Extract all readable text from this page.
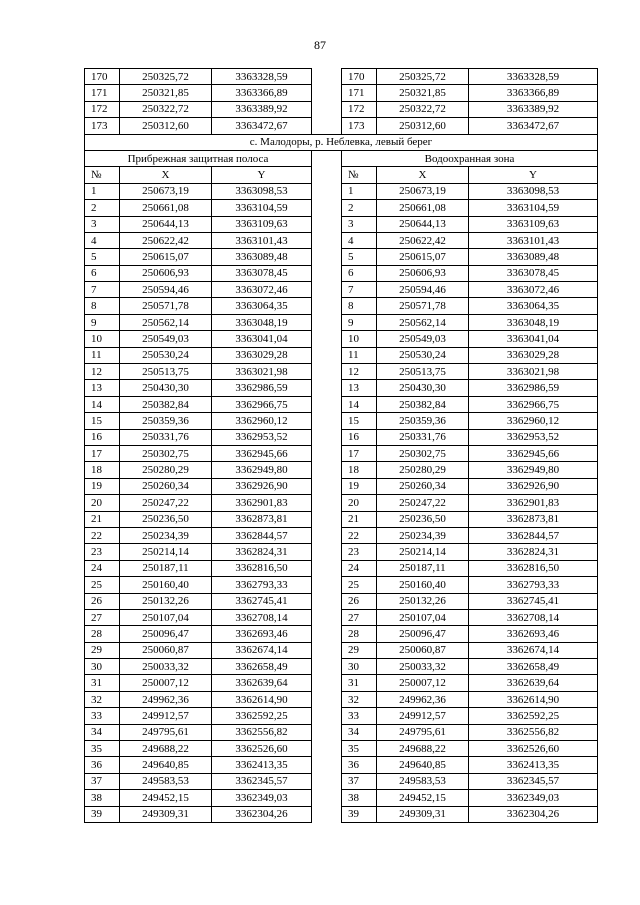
87
170	250325,72	3363328,59		170	250325,72	3363328,59
171	250321,85	3363366,89		171	250321,85	3363366,89
172	250322,72	3363389,92		172	250322,72	3363389,92
173	250312,60	3363472,67		173	250312,60	3363472,67
с. Малодоры, р. Неблевка, левый берег						
Прибрежная защитная полоса				Водоохранная зона		
№	X	Y		№	X	Y
1	250673,19	3363098,53		1	250673,19	3363098,53
2	250661,08	3363104,59		2	250661,08	3363104,59
3	250644,13	3363109,63		3	250644,13	3363109,63
4	250622,42	3363101,43		4	250622,42	3363101,43
5	250615,07	3363089,48		5	250615,07	3363089,48
6	250606,93	3363078,45		6	250606,93	3363078,45
7	250594,46	3363072,46		7	250594,46	3363072,46
8	250571,78	3363064,35		8	250571,78	3363064,35
9	250562,14	3363048,19		9	250562,14	3363048,19
10	250549,03	3363041,04		10	250549,03	3363041,04
11	250530,24	3363029,28		11	250530,24	3363029,28
12	250513,75	3363021,98		12	250513,75	3363021,98
13	250430,30	3362986,59		13	250430,30	3362986,59
14	250382,84	3362966,75		14	250382,84	3362966,75
15	250359,36	3362960,12		15	250359,36	3362960,12
16	250331,76	3362953,52		16	250331,76	3362953,52
17	250302,75	3362945,66		17	250302,75	3362945,66
18	250280,29	3362949,80		18	250280,29	3362949,80
19	250260,34	3362926,90		19	250260,34	3362926,90
20	250247,22	3362901,83		20	250247,22	3362901,83
21	250236,50	3362873,81		21	250236,50	3362873,81
22	250234,39	3362844,57		22	250234,39	3362844,57
23	250214,14	3362824,31		23	250214,14	3362824,31
24	250187,11	3362816,50		24	250187,11	3362816,50
25	250160,40	3362793,33		25	250160,40	3362793,33
26	250132,26	3362745,41		26	250132,26	3362745,41
27	250107,04	3362708,14		27	250107,04	3362708,14
28	250096,47	3362693,46		28	250096,47	3362693,46
29	250060,87	3362674,14		29	250060,87	3362674,14
30	250033,32	3362658,49		30	250033,32	3362658,49
31	250007,12	3362639,64		31	250007,12	3362639,64
32	249962,36	3362614,90		32	249962,36	3362614,90
33	249912,57	3362592,25		33	249912,57	3362592,25
34	249795,61	3362556,82		34	249795,61	3362556,82
35	249688,22	3362526,60		35	249688,22	3362526,60
36	249640,85	3362413,35		36	249640,85	3362413,35
37	249583,53	3362345,57		37	249583,53	3362345,57
38	249452,15	3362349,03		38	249452,15	3362349,03
39	249309,31	3362304,26		39	249309,31	3362304,26
